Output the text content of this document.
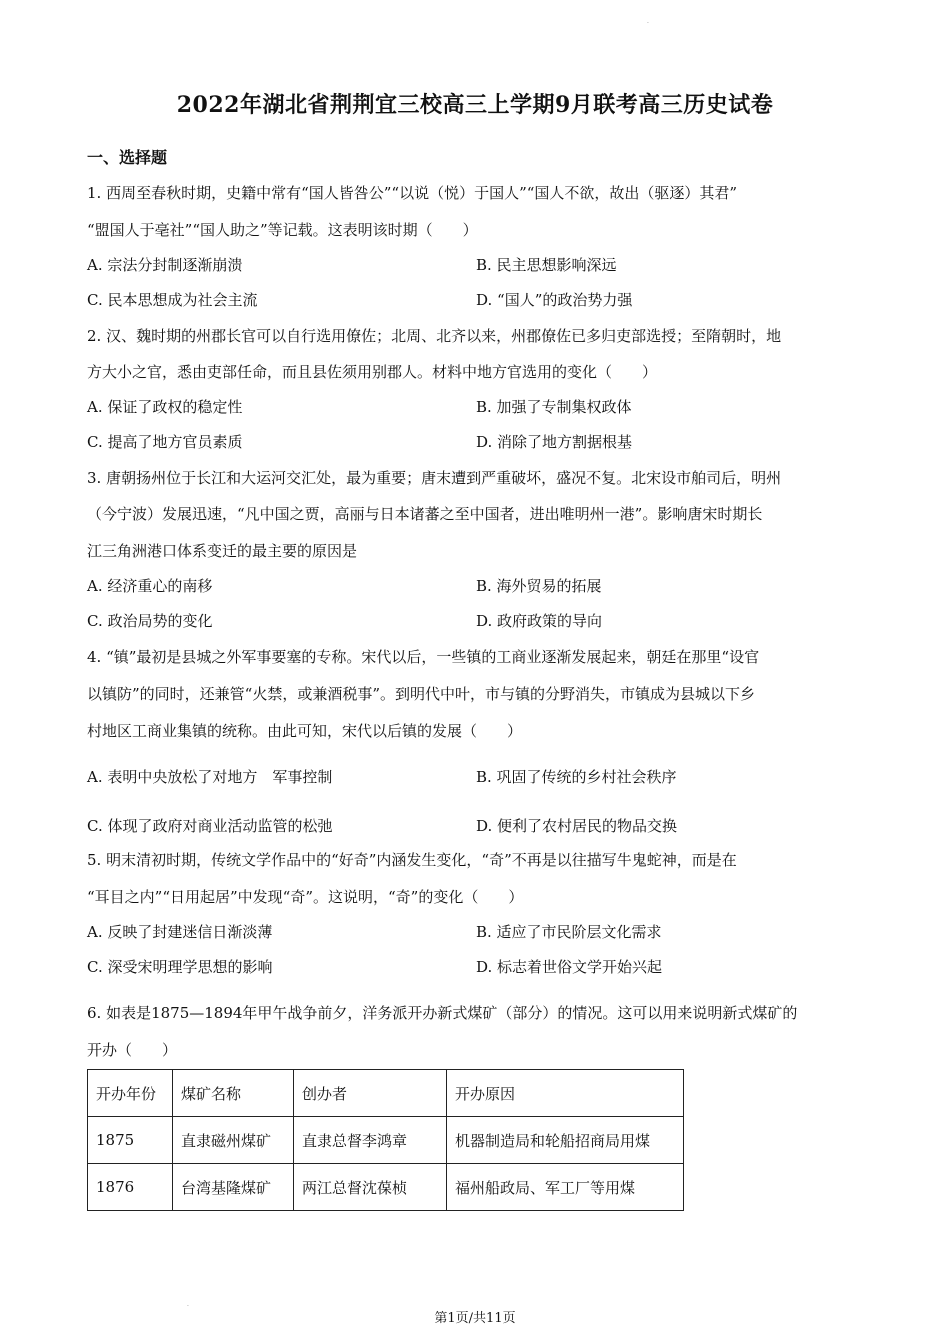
2022年湖北省荆荆宜三校高三上学期9月联考高三历史试卷
一、选择题
1. 西周至春秋时期，史籍中常有“国人皆咎公”“以说（悦）于国人”“国人不欲，故出（驱逐）其君”
“盟国人于亳社”“国人助之”等记载。这表明该时期（　　）
A. 宗法分封制逐渐崩溃	B. 民主思想影响深远
C. 民本思想成为社会主流	D. “国人”的政治势力强
2. 汉、魏时期的州郡长官可以自行选用僚佐；北周、北齐以来，州郡僚佐已多归吏部选授；至隋朝时，地
方大小之官，悉由吏部任命，而且县佐须用别郡人。材料中地方官选用的变化（　　）
A. 保证了政权的稳定性	B. 加强了专制集权政体
C. 提高了地方官员素质	D. 消除了地方割据根基
3. 唐朝扬州位于长江和大运河交汇处，最为重要；唐末遭到严重破坏，盛况不复。北宋设市舶司后，明州
（今宁波）发展迅速，“凡中国之贾，高丽与日本诸蕃之至中国者，进出唯明州一港”。影响唐宋时期长
江三角洲港口体系变迁的最主要的原因是
A. 经济重心的南移	B. 海外贸易的拓展
C. 政治局势的变化	D. 政府政策的导向
4. “镇”最初是县城之外军事要塞的专称。宋代以后，一些镇的工商业逐渐发展起来，朝廷在那里“设官
以镇防”的同时，还兼管“火禁，或兼酒税事”。到明代中叶，市与镇的分野消失，市镇成为县城以下乡
村地区工商业集镇的统称。由此可知，宋代以后镇的发展（　　）
A. 表明中央放松了对地方　军事控制	B. 巩固了传统的乡村社会秩序
C. 体现了政府对商业活动监管的松弛	D. 便利了农村居民的物品交换
5. 明末清初时期，传统文学作品中的“好奇”内涵发生变化，“奇”不再是以往描写牛鬼蛇神，而是在
“耳目之内”“日用起居”中发现“奇”。这说明，“奇”的变化（　　）
A. 反映了封建迷信日渐淡薄	B. 适应了市民阶层文化需求
C. 深受宋明理学思想的影响	D. 标志着世俗文学开始兴起
6. 如表是1875—1894年甲午战争前夕，洋务派开办新式煤矿（部分）的情况。这可以用来说明新式煤矿的
开办（　　）
开办年份	煤矿名称	创办者	开办原因
1875	直隶磁州煤矿	直隶总督李鸿章	机器制造局和轮船招商局用煤
1876	台湾基隆煤矿	两江总督沈葆桢	福州船政局、军工厂等用煤
·
·
第1页/共11页
